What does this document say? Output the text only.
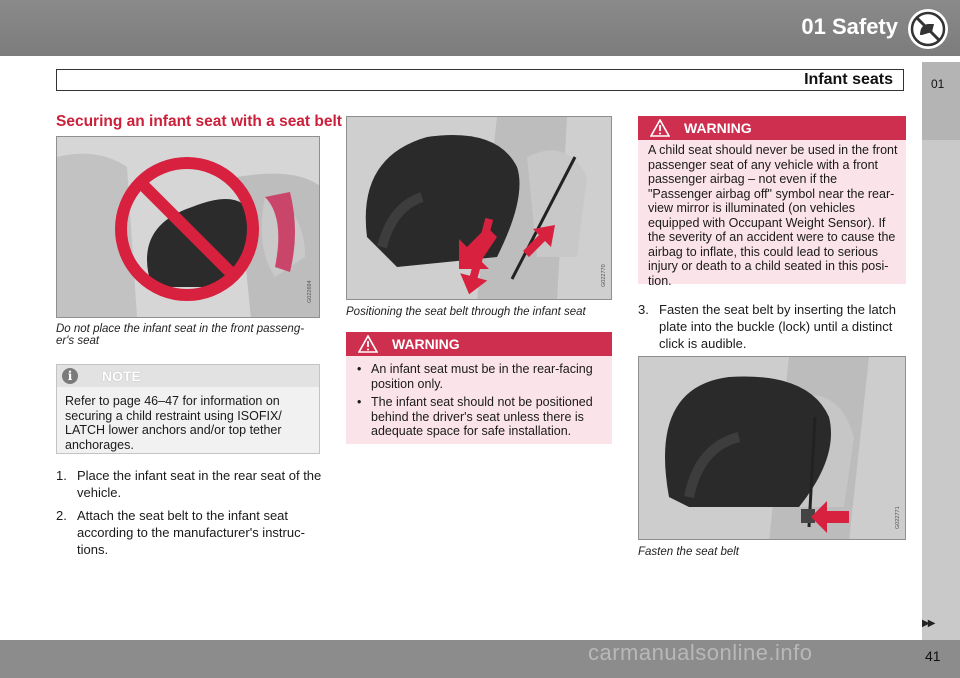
01 Safety
01
Infant seats
Securing an infant seat with a seat belt
G022694
Do not place the infant seat in the front passeng-er's seat
i	NOTE
Refer to page 46–47 for information on securing a child restraint using ISOFIX/ LATCH lower anchors and/or top tether anchorages.
1. Place the infant seat in the rear seat of the vehicle.
2. Attach the seat belt to the infant seat according to the manufacturer's instruc-tions.
G022770
Positioning the seat belt through the infant seat
WARNING
• An infant seat must be in the rear-facing position only.
• The infant seat should not be positioned behind the driver's seat unless there is adequate space for safe installation.
WARNING
A child seat should never be used in the front passenger seat of any vehicle with a front passenger airbag – not even if the "Passenger airbag off" symbol near the rear-view mirror is illuminated (on vehicles equipped with Occupant Weight Sensor). If the severity of an accident were to cause the airbag to inflate, this could lead to serious injury or death to a child seated in this posi-tion.
3. Fasten the seat belt by inserting the latch plate into the buckle (lock) until a distinct click is audible.
G022771
Fasten the seat belt
▶▶
carmanualsonline.info	41
